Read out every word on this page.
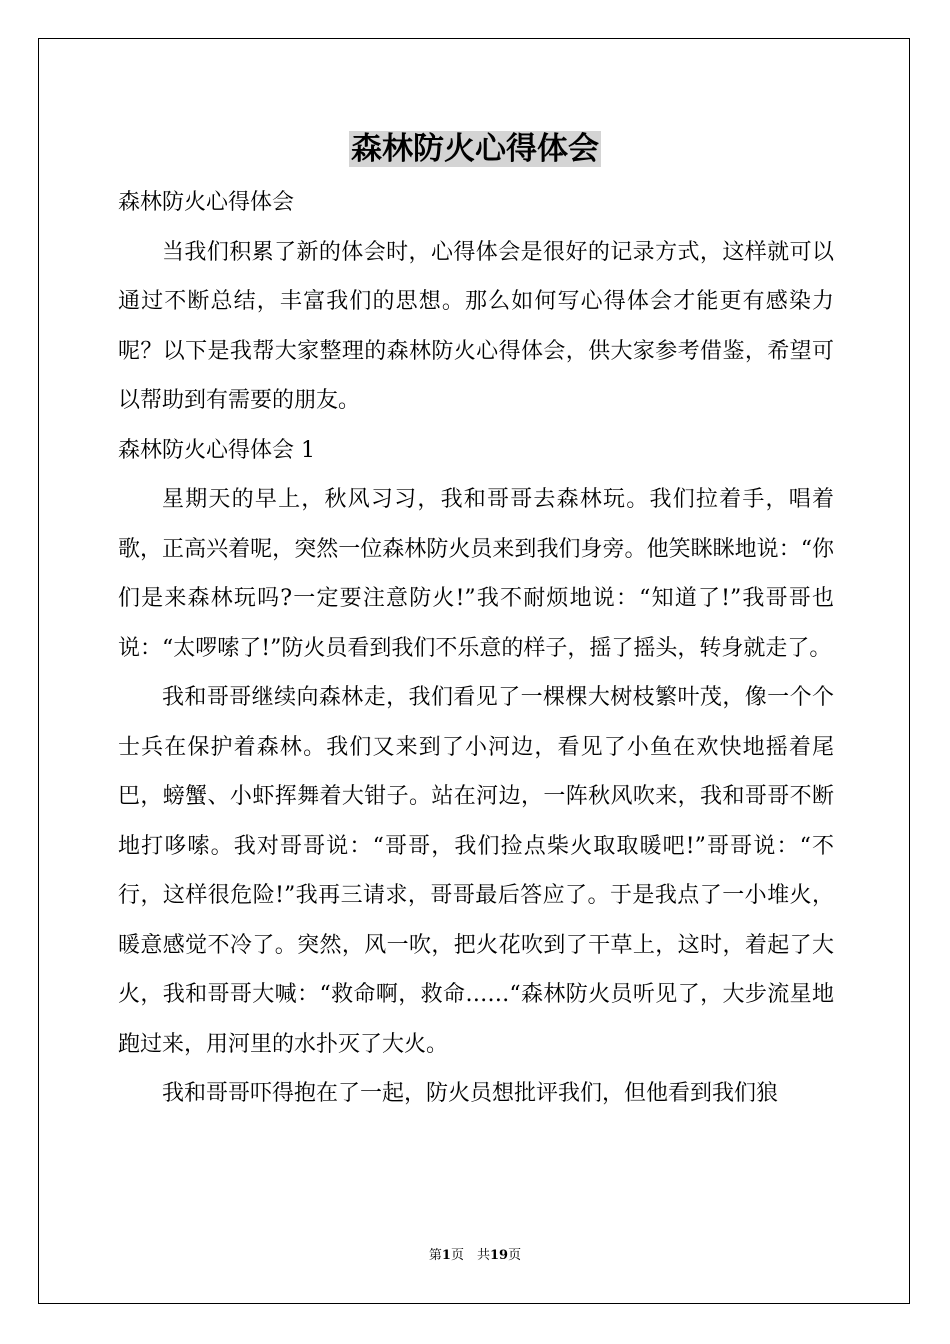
森林防火心得体会

森林防火心得体会

当我们积累了新的体会时，心得体会是很好的记录方式，这样就可以通过不断总结，丰富我们的思想。那么如何写心得体会才能更有感染力呢？以下是我帮大家整理的森林防火心得体会，供大家参考借鉴，希望可以帮助到有需要的朋友。

森林防火心得体会 1

星期天的早上，秋风习习，我和哥哥去森林玩。我们拉着手，唱着歌，正高兴着呢，突然一位森林防火员来到我们身旁。他笑眯眯地说：“你们是来森林玩吗?一定要注意防火!”我不耐烦地说：“知道了!”我哥哥也说：“太啰嗦了!”防火员看到我们不乐意的样子，摇了摇头，转身就走了。

我和哥哥继续向森林走，我们看见了一棵棵大树枝繁叶茂，像一个个士兵在保护着森林。我们又来到了小河边，看见了小鱼在欢快地摇着尾巴，螃蟹、小虾挥舞着大钳子。站在河边，一阵秋风吹来，我和哥哥不断地打哆嗦。我对哥哥说：“哥哥，我们捡点柴火取取暖吧!”哥哥说：“不行，这样很危险!”我再三请求，哥哥最后答应了。于是我点了一小堆火，暖意感觉不冷了。突然，风一吹，把火花吹到了干草上，这时，着起了大火，我和哥哥大喊：“救命啊，救命……“森林防火员听见了，大步流星地跑过来，用河里的水扑灭了大火。

我和哥哥吓得抱在了一起，防火员想批评我们，但他看到我们狼

第1页　共19页
